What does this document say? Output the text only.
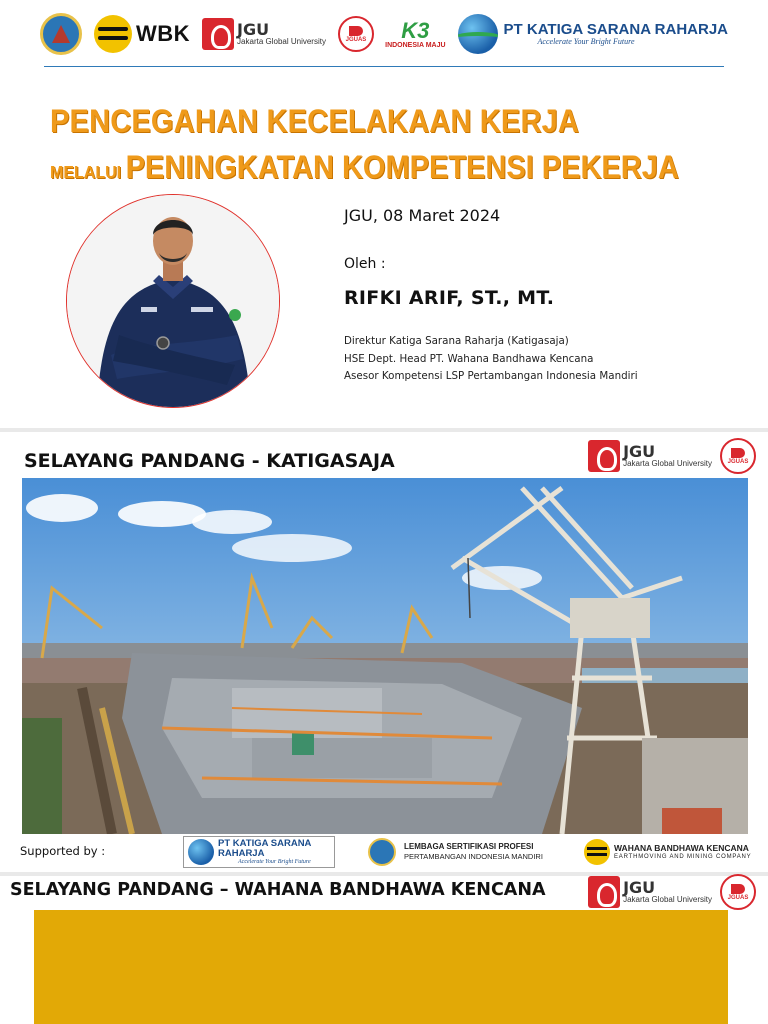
WBK	JGU
Jakarta Global University	JGUAS K3
INDONESIA MAJU
PT KATIGA SARANA RAHARJA
Accelerate Your Bright Future
PENCEGAHAN KECELAKAAN KERJA
MELALUI PENINGKATAN KOMPETENSI PEKERJA
JGU, 08 Maret 2024
Oleh :
RIFKI ARIF, ST., MT.
Direktur Katiga Sarana Raharja (Katigasaja)
HSE Dept. Head PT. Wahana Bandhawa Kencana
Asesor Kompetensi LSP Pertambangan Indonesia Mandiri
SELAYANG PANDANG - KATIGASAJA	JGU
Jakarta Global University	JGUAS
Supported by :
PT KATIGA SARANA RAHARJA
Accelerate Your Bright Future
LEMBAGA SERTIFIKASI PROFESI
PERTAMBANGAN INDONESIA MANDIRI
WAHANA BANDHAWA KENCANA
EARTHMOVING AND MINING COMPANY
SELAYANG PANDANG – WAHANA BANDHAWA KENCANA	JGU
Jakarta Global University	JGUAS
